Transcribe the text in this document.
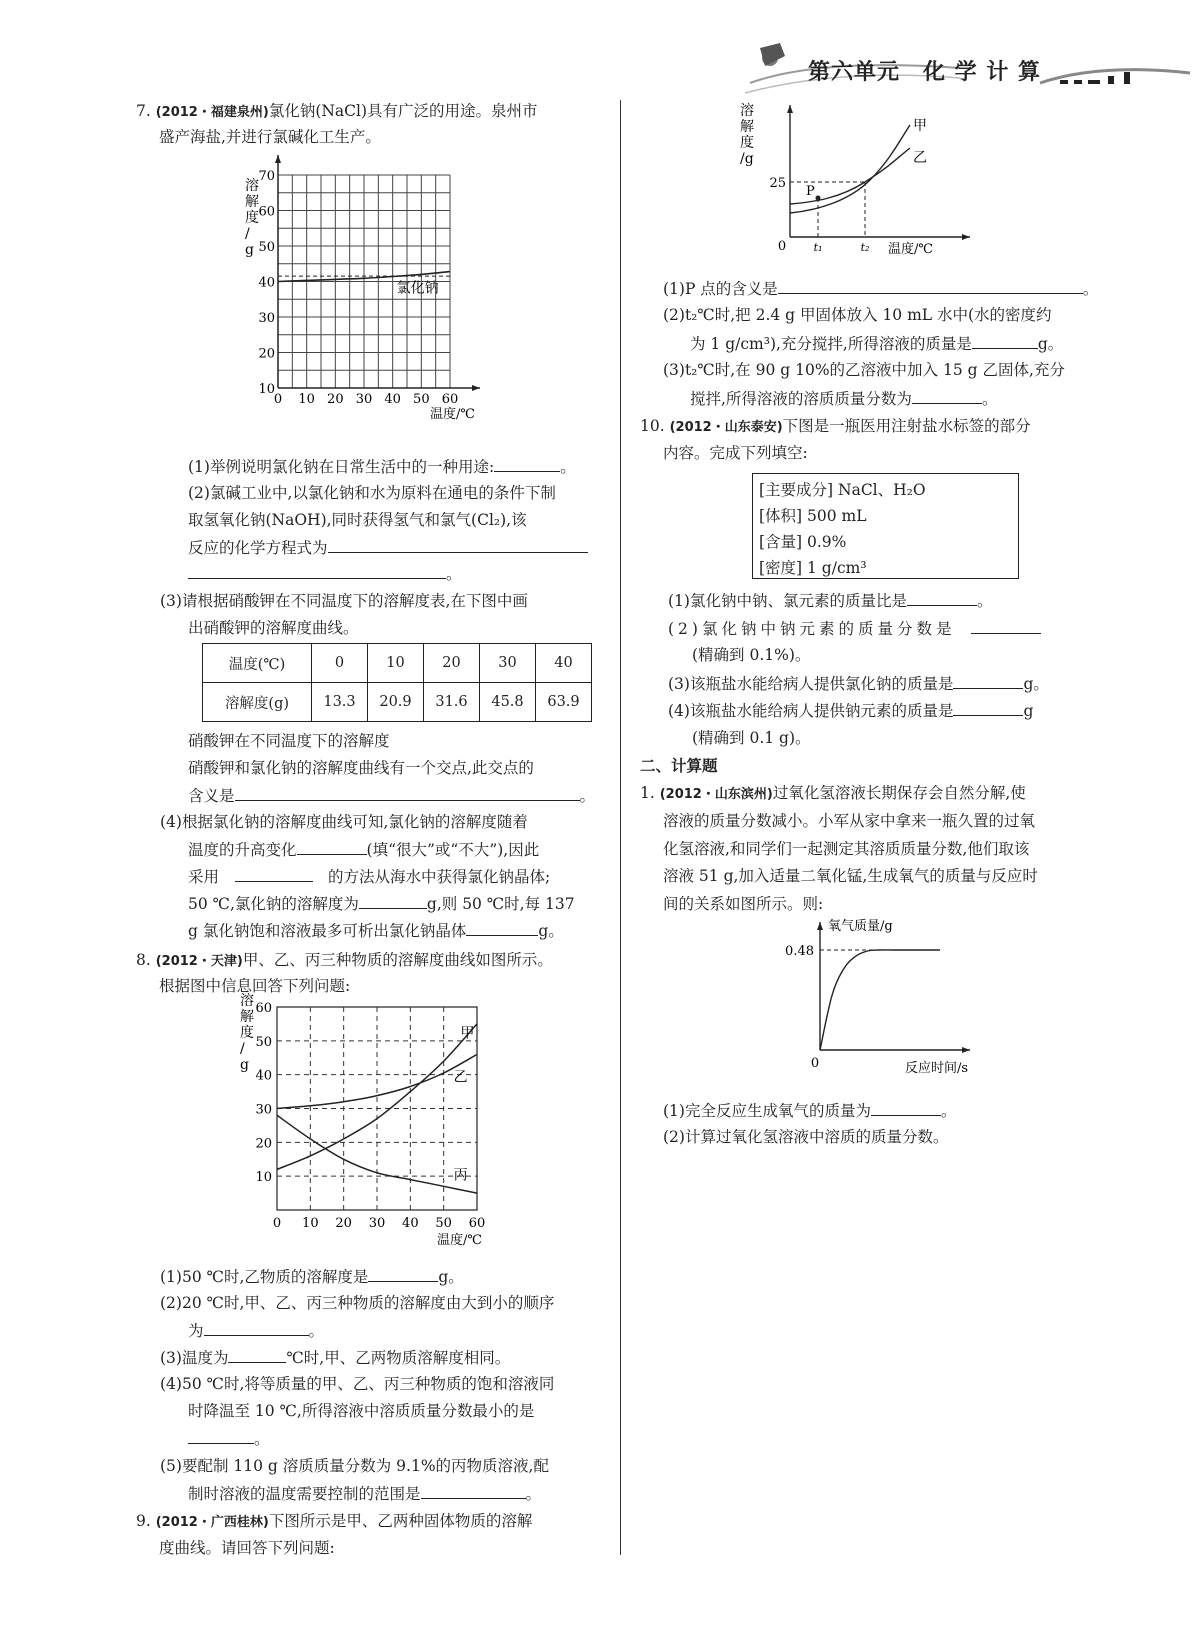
第六单元　化 学 计 算
7. (2012・福建泉州)氯化钠(NaCl)具有广泛的用途。泉州市
盛产海盐,并进行氯碱化工生产。
氯化钠
0 10 20 30 40 50 60
10
20
30
40
50
60
70
温度/℃
溶解度/ g
(1)举例说明氯化钠在日常生活中的一种用途:	。
(2)氯碱工业中,以氯化钠和水为原料在通电的条件下制
取氢氧化钠(NaOH),同时获得氢气和氯气(Cl₂),该
反应的化学方程式为
。
(3)请根据硝酸钾在不同温度下的溶解度表,在下图中画
出硝酸钾的溶解度曲线。
温度(℃)	0	10	20	30	40
溶解度(g)	13.3	20.9	31.6	45.8	63.9
硝酸钾在不同温度下的溶解度
硝酸钾和氯化钠的溶解度曲线有一个交点,此交点的
含义是	。
(4)根据氯化钠的溶解度曲线可知,氯化钠的溶解度随着
温度的升高变化	(填“很大”或“不大”),因此
采用　　	的方法从海水中获得氯化钠晶体;
50 ℃,氯化钠的溶解度为	g,则 50 ℃时,每 137
g 氯化钠饱和溶液最多可析出氯化钠晶体	g。
8. (2012・天津)甲、乙、丙三种物质的溶解度曲线如图所示。
根据图中信息回答下列问题:
甲
乙
丙
0 10 20 30 40 50 60
10
20
30
40
50
60
温度/℃
溶解度/ g
(1)50 ℃时,乙物质的溶解度是	g。
(2)20 ℃时,甲、乙、丙三种物质的溶解度由大到小的顺序
为	。
(3)温度为	℃时,甲、乙两物质溶解度相同。
(4)50 ℃时,将等质量的甲、乙、丙三种物质的饱和溶液同
时降温至 10 ℃,所得溶液中溶质质量分数最小的是
。
(5)要配制 110 g 溶质质量分数为 9.1%的丙物质溶液,配
制时溶液的温度需要控制的范围是	。
9. (2012・广西桂林)下图所示是甲、乙两种固体物质的溶解
度曲线。请回答下列问题:
P
甲
乙
0
25
t₁	t₂ 温度/℃
溶解度/g
(1)P 点的含义是	。
(2)t₂℃时,把 2.4 g 甲固体放入 10 mL 水中(水的密度约
为 1 g/cm³),充分搅拌,所得溶液的质量是	g。
(3)t₂℃时,在 90 g 10%的乙溶液中加入 15 g 乙固体,充分
搅拌,所得溶液的溶质质量分数为	。
10. (2012・山东泰安)下图是一瓶医用注射盐水标签的部分
内容。完成下列填空:
[主要成分] NaCl、H₂O
[体积] 500 mL
[含量] 0.9%
[密度] 1 g/cm³
(1)氯化钠中钠、氯元素的质量比是	。
(2)氯化钠中钠元素的质量分数是　
(精确到 0.1%)。
(3)该瓶盐水能给病人提供氯化钠的质量是	g。
(4)该瓶盐水能给病人提供钠元素的质量是	g
(精确到 0.1 g)。
二、计算题
1. (2012・山东滨州)过氧化氢溶液长期保存会自然分解,使
溶液的质量分数减小。小军从家中拿来一瓶久置的过氧
化氢溶液,和同学们一起测定其溶质质量分数,他们取该
溶液 51 g,加入适量二氧化锰,生成氧气的质量与反应时
间的关系如图所示。则:
0
0.48
氧气质量/g
反应时间/s
(1)完全反应生成氧气的质量为	。
(2)计算过氧化氢溶液中溶质的质量分数。
